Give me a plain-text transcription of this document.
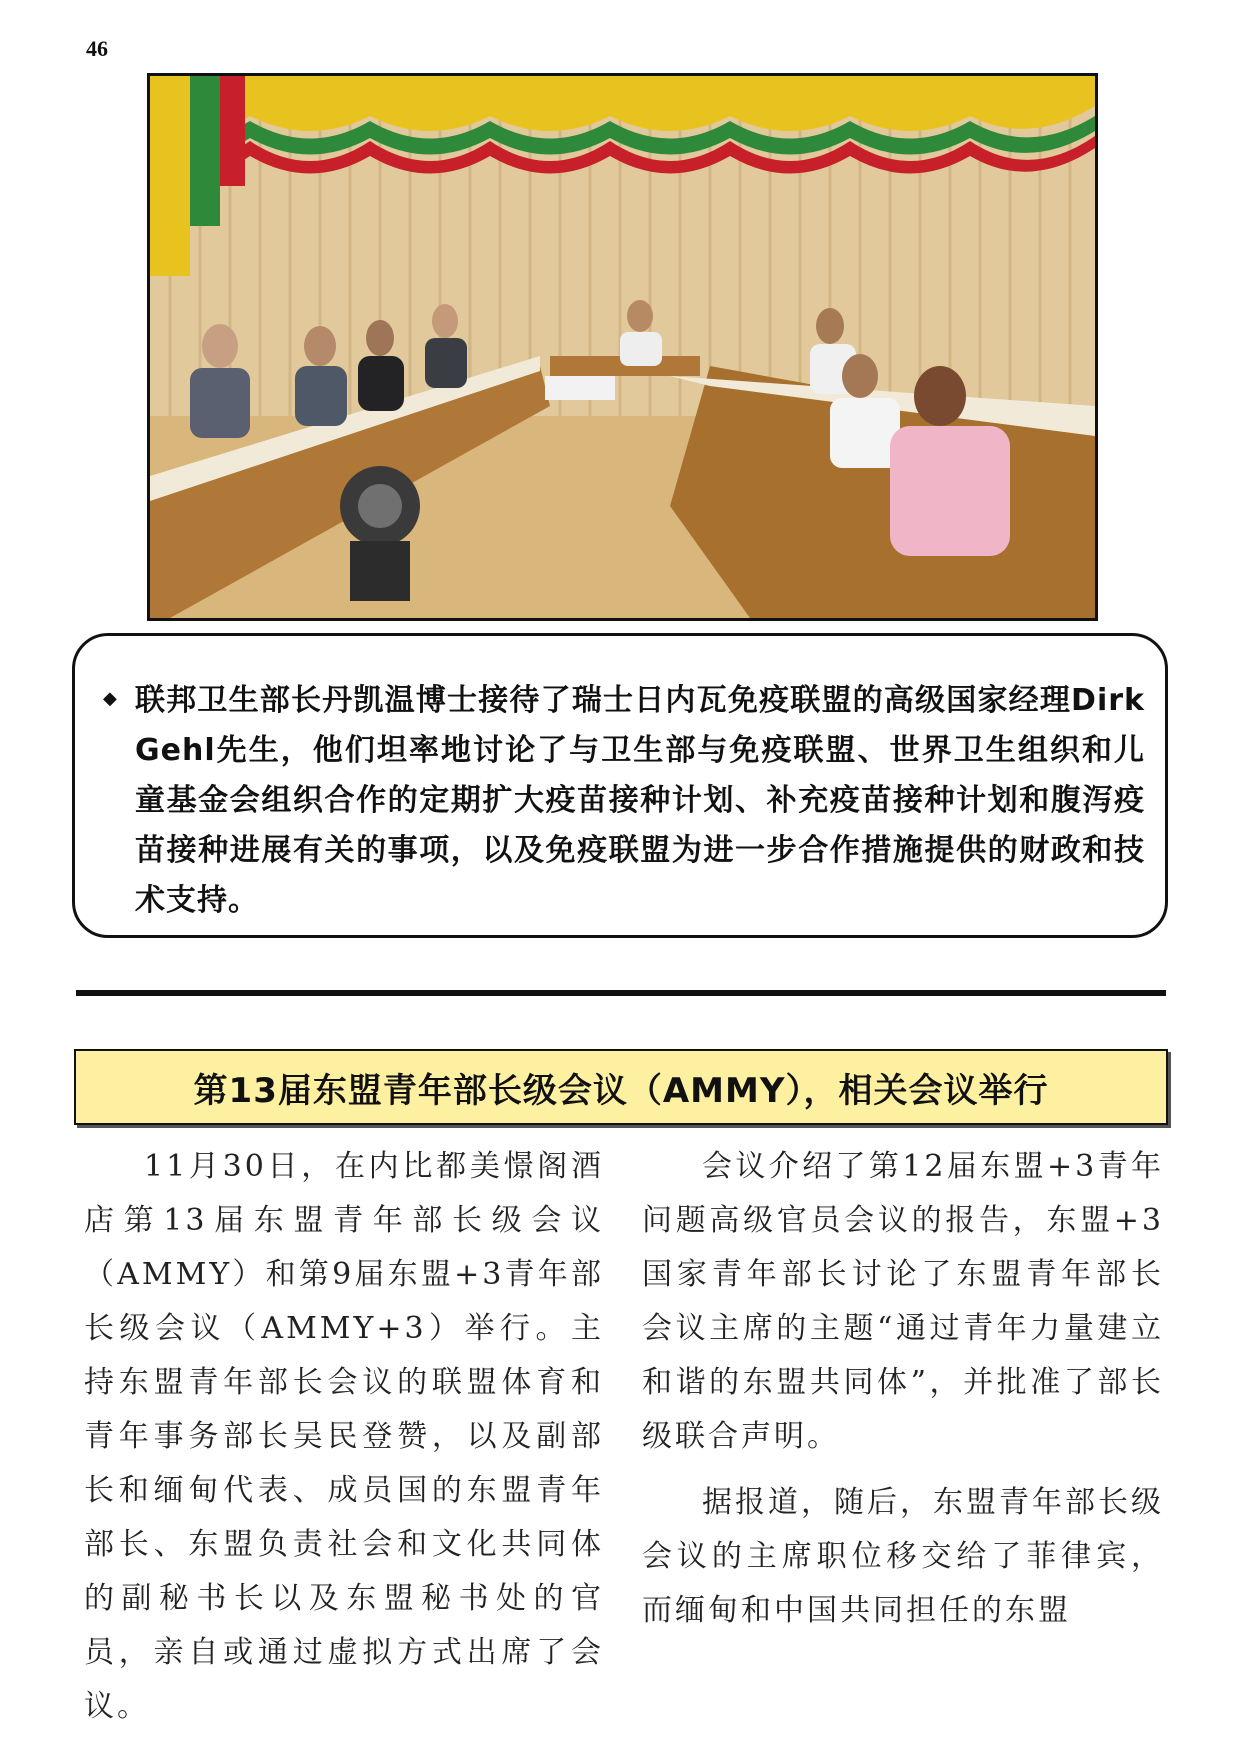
46
◆ 联邦卫生部长丹凯温博士接待了瑞士日内瓦免疫联盟的高级国家经理Dirk Gehl先生，他们坦率地讨论了与卫生部与免疫联盟、世界卫生组织和儿童基金会组织合作的定期扩大疫苗接种计划、补充疫苗接种计划和腹泻疫苗接种进展有关的事项，以及免疫联盟为进一步合作措施提供的财政和技术支持。
第13届东盟青年部长级会议（AMMY），相关会议举行

11月30日，在内比都美憬阁酒店第13届东盟青年部长级会议（AMMY）和第9届东盟+3青年部长级会议（AMMY+3）举行。主持东盟青年部长会议的联盟体育和青年事务部长吴民登赞，以及副部长和缅甸代表、成员国的东盟青年部长、东盟负责社会和文化共同体的副秘书长以及东盟秘书处的官员，亲自或通过虚拟方式出席了会议。

会议介绍了第12届东盟+3青年问题高级官员会议的报告，东盟+3国家青年部长讨论了东盟青年部长会议主席的主题“通过青年力量建立和谐的东盟共同体”，并批准了部长级联合声明。

据报道，随后，东盟青年部长级会议的主席职位移交给了菲律宾，而缅甸和中国共同担任的东盟
